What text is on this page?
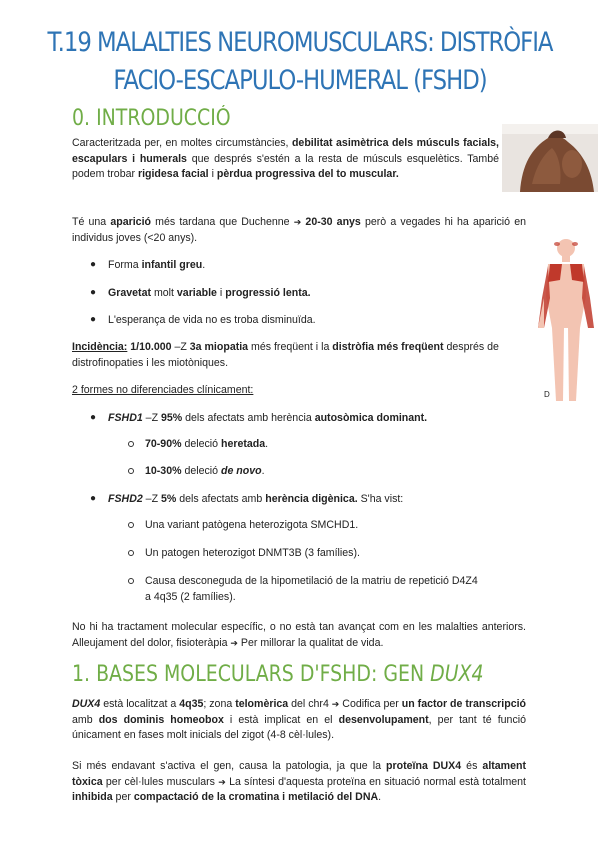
T.19 MALALTIES NEUROMUSCULARS: DISTRÒFIA
FACIO-ESCAPULO-HUMERAL (FSHD)
0. INTRODUCCIÓ

Caracteritzada per, en moltes circumstàncies, debilitat asimètrica dels músculs facials, escapulars i humerals que després s'estén a la resta de músculs esquelètics. També podem trobar rigidesa facial i pèrdua progressiva del to muscular.

Té una aparició més tardana que Duchenne ➔ 20-30 anys però a vegades hi ha aparició en individus joves (<20 anys).

● Forma infantil greu.

● Gravetat molt variable i progressió lenta.

● L'esperança de vida no es troba disminuïda.

D

Incidència: 1/10.000 –Z 3a miopatia més freqüent i la distròfia més freqüent després de distrofinopaties i les miotòniques.

2 formes no diferenciades clínicament:

● FSHD1 –Z 95% dels afectats amb herència autosòmica dominant.

70-90% deleció heretada.

10-30% deleció de novo.

● FSHD2 –Z 5% dels afectats amb herència digènica. S'ha vist:

Una variant patògena heterozigota SMCHD1.

Un patogen heterozigot DNMT3B (3 famílies).

Causa desconeguda de la hipometilació de la matriu de repetició D4Z4
a 4q35 (2 famílies).

No hi ha tractament molecular específic, o no està tan avançat com en les malalties anteriors. Alleujament del dolor, fisioteràpia ➔ Per millorar la qualitat de vida.

1. BASES MOLECULARS D'FSHD: GEN DUX4

DUX4 està localitzat a 4q35; zona telomèrica del chr4 ➔ Codifica per un factor de transcripció amb dos dominis homeobox i està implicat en el desenvolupament, per tant té funció únicament en fases molt inicials del zigot (4-8 cèl·lules).

Si més endavant s'activa el gen, causa la patologia, ja que la proteïna DUX4 és altament tòxica per cèl·lules musculars ➔ La síntesi d'aquesta proteïna en situació normal està totalment inhibida per compactació de la cromatina i metilació del DNA.
